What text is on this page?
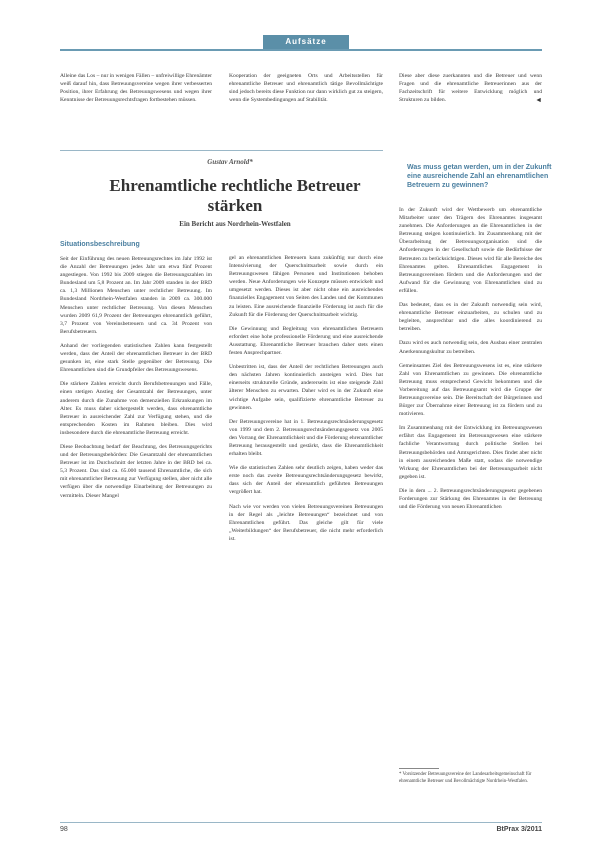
Aufsätze

Alleine das Los – nur in wenigen Fällen – unfreiwillige Ehrenämter weiß darauf hin, dass Betreuungsvereine wegen ihrer verbesserten Position, ihrer Erfahrung des Betreuungswesens und wegen ihrer Kenntnisse der Betreuungsrechtsfragen fortbestehen müssen.

Kooperation der geeigneten Orts und Arbeitsstellen für ehrenamtliche Betreuer und ehrenamtlich tätige Bevollmächtigte sind jedoch bereits diese Funktion nur dann wirklich gut zu steigern, wenn die Systembedingungen auf Stabilität.

Diese aber diese zuerkannten und die Betreuer und wenn Fragen und die ehrenamtliche Betreuerinnen aus der Fachzeitschrift für weitere Entwicklung möglich und Strukturen zu bilden.	◄
Gustav Arnold*
Ehrenamtliche rechtliche Betreuer
stärken
Ein Bericht aus Nordrhein-Westfalen
Was muss getan werden, um in der Zukunft eine ausreichende Zahl an ehrenamtlichen Betreuern zu gewinnen?
Situationsbeschreibung

Seit der Einführung des neuen Betreuungsrechtes im Jahr 1992 ist die Anzahl der Betreuungen jedes Jahr um etwa fünf Prozent angestiegen. Von 1992 bis 2009 stiegen die Betreuungszahlen im Bundesland um 5,8 Prozent an. Im Jahr 2009 standen in der BRD ca. 1,3 Millionen Menschen unter rechtlicher Betreuung. Im Bundesland Nordrhein-Westfalen standen in 2009 ca. 300.000 Menschen unter rechtlicher Betreuung. Von diesen Menschen wurden 2009 61,9 Prozent der Betreuungen ehrenamtlich geführt, 3,7 Prozent von Vereinsbetreuern und ca. 34 Prozent von Berufsbetreuern.

Anhand der vorliegenden statistischen Zahlen kann festgestellt werden, dass der Anteil der ehrenamtlichen Betreuer in der BRD gesunken ist, eine stark Stelle gegenüber der Betreuung. Die Ehrenamtlichen sind die Grundpfeiler des Betreuungswesens.

Die stärkere Zahlen erreicht durch Berufsbetreuungen und Fälle, einen stetigen Anstieg der Gesamtzahl der Betreuungen, unter anderem durch die Zunahme von demenziellen Erkrankungen im Alter. Es muss daher sichergestellt werden, dass ehrenamtliche Betreuer in ausreichender Zahl zur Verfügung stehen, und die entsprechenden Kosten im Rahmen bleiben. Dies wird insbesondere durch die ehrenamtliche Betreuung erreicht.

Diese Beobachtung bedarf der Beachtung, des Betreuungsgerichts und der Betreuungsbehörden: Die Gesamtzahl der ehrenamtlichen Betreuer ist im Durchschnitt der letzten Jahre in der BRD bei ca. 5,3 Prozent. Das sind ca. 65.000 tausend Ehrenamtliche, die sich mit ehrenamtlicher Betreuung zur Verfügung stellen, aber nicht alle verfügen über die notwendige Einarbeitung der Betreuungen zu vermitteln. Dieser Mangel

gel an ehrenamtlichen Betreuern kann zukünftig nur durch eine Intensivierung der Querschnittsarbeit sowie durch ein Betreuungswesen fähigen Personen und Institutionen behoben werden. Neue Anforderungen wie Konzepte müssen entwickelt und umgesetzt werden. Dieses ist aber nicht ohne ein ausreichendes finanzielles Engagement von Seiten des Landes und der Kommunen zu leisten. Eine ausreichende finanzielle Förderung ist auch für die Zukunft für die Förderung der Querschnittsarbeit wichtig.

Die Gewinnung und Begleitung von ehrenamtlichen Betreuern erfordert eine hohe professionelle Förderung und eine ausreichende Ausstattung. Ehrenamtliche Betreuer brauchen daher stets einen festen Ansprechpartner.

Unbestritten ist, dass der Anteil der rechtlichen Betreuungen auch den nächsten Jahren kontinuierlich ansteigen wird. Dies hat einerseits strukturelle Gründe, andererseits ist eine steigende Zahl älterer Menschen zu erwarten. Daher wird es in der Zukunft eine wichtige Aufgabe sein, qualifizierte ehrenamtliche Betreuer zu gewinnen.

Der Betreuungsvereine hat in 1. Betreuungsrechtsänderungsgesetz von 1999 und dem 2. Betreuungsrechtsänderungsgesetz von 2005 den Vorrang der Ehrenamtlichkeit und die Förderung ehrenamtlicher Betreuung herausgestellt und gestärkt, dass die Ehrenamtlichkeit erhalten bleibt.

Wie die statistischen Zahlen sehr deutlich zeigen, haben weder das erste noch das zweite Betreuungsrechtsänderungsgesetz bewirkt, dass sich der Anteil der ehrenamtlich geführten Betreuungen vergrößert hat.

Nach wie vor werden von vielen Betreuungsvereinen Betreuungen in der Regel als „leichte Betreuungen“ bezeichnet und von Ehrenamtlichen geführt. Das gleiche gilt für viele „Weiterbildungen“ der Berufsbetreuer, die nicht mehr erforderlich ist.

In der Zukunft wird der Wettbewerb um ehrenamtliche Mitarbeiter unter den Trägern des Ehrenamtes insgesamt zunehmen. Die Anforderungen an die Ehrenamtlichen in der Betreuung steigen kontinuierlich. Im Zusammenhang mit der Überarbeitung der Betreuungsorganisation sind die Anforderungen in der Gesellschaft sowie die Bedürfnisse der Betreuten zu berücksichtigen. Dieses wird für alle Bereiche des Ehrenamtes gelten. Ehrenamtliches Engagement in Betreuungsvereinen fördern und die Anforderungen und der Aufwand für die Gewinnung von Ehrenamtlichen sind zu erfüllen.

Das bedeutet, dass es in der Zukunft notwendig sein wird, ehrenamtliche Betreuer einzuarbeiten, zu schulen und zu begleiten, ansprechbar und die alles koordinierend zu betreiben.

Dazu wird es auch notwendig sein, den Ausbau einer zentralen Anerkennungskultur zu betreiben.

Gemeinsames Ziel des Betreuungswesens ist es, eine stärkere Zahl von Ehrenamtlichen zu gewinnen. Die ehrenamtliche Betreuung muss entsprechend Gewicht bekommen und die Vorbereitung auf das Betreuungsamt wird die Gruppe der Betreuungsvereine sein. Die Bereitschaft der Bürgerinnen und Bürger zur Übernahme einer Betreuung ist zu fördern und zu motivieren.

Im Zusammenhang mit der Entwicklung im Betreuungswesen erfährt das Engagement im Betreuungswesen eine stärkere fachliche Verantwortung durch politische Stellen bei Betreuungsbehörden und Amtsgerichten. Dies findet aber nicht in einem ausreichenden Maße statt, sodass die notwendige Wirkung der Ehrenamtlichen bei der Betreuungsarbeit nicht gegeben ist.

Die in dem ... 2. Betreuungsrechtsänderungsgesetz gegebenen Forderungen zur Stärkung des Ehrenamtes in der Betreuung und die Förderung von neuen Ehrenamtlichen

* Vorsitzender Betreuungsvereine der Landesarbeitsgemeinschaft für ehrenamtliche Betreuer und Bevollmächtigte Nordrhein-Westfalen.
98	BtPrax 3/2011
